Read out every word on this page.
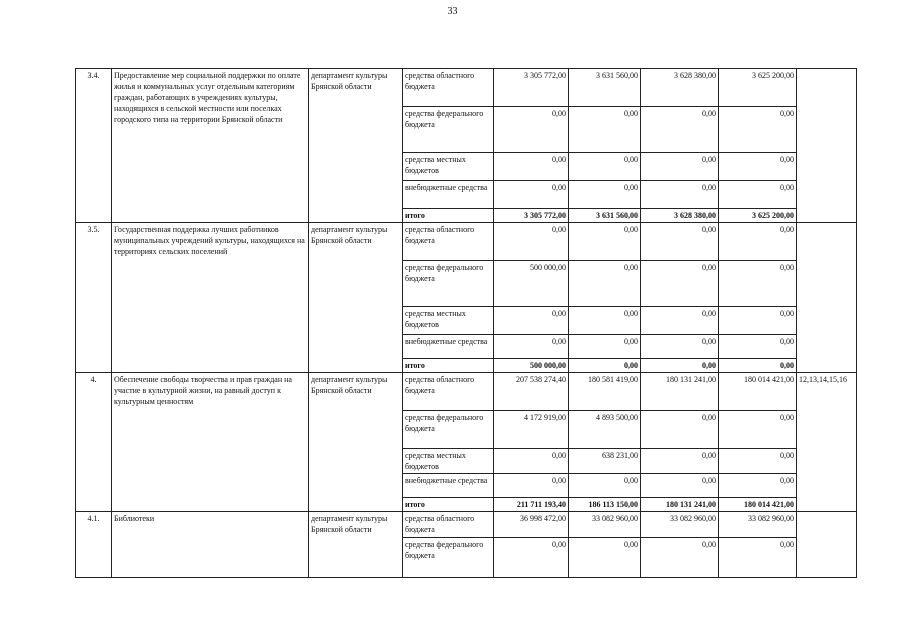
33
3.4.	Предоставление мер социальной поддержки по оплате жилья и коммунальных услуг отдельным категориям граждан, работающих в учреждениях культуры, находящихся в сельской местности или поселках городского типа на территории Брянской области	департамент культуры Брянской области	средства областного бюджета	3 305 772,00	3 631 560,00	3 628 380,00	3 625 200,00	
			средства федерального бюджета	0,00	0,00	0,00	0,00	
			средства местных бюджетов	0,00	0,00	0,00	0,00	
			внебюджетные средства	0,00	0,00	0,00	0,00	
			итого	3 305 772,00	3 631 560,00	3 628 380,00	3 625 200,00	
3.5.	Государственная поддержка лучших работников муниципальных учреждений культуры, находящихся на территориях сельских поселений	департамент культуры Брянской области	средства областного бюджета	0,00	0,00	0,00	0,00	
			средства федерального бюджета	500 000,00	0,00	0,00	0,00	
			средства местных бюджетов	0,00	0,00	0,00	0,00	
			внебюджетные средства	0,00	0,00	0,00	0,00	
			итого	500 000,00	0,00	0,00	0,00	
4.	Обеспечение свободы творчества и прав граждан на участие в культурной жизни, на равный доступ к культурным ценностям	департамент культуры Брянской области	средства областного бюджета	207 538 274,40	180 581 419,00	180 131 241,00	180 014 421,00	12,13,14,15,16
			средства федерального бюджета	4 172 919,00	4 893 500,00	0,00	0,00	
			средства местных бюджетов	0,00	638 231,00	0,00	0,00	
			внебюджетные средства	0,00	0,00	0,00	0,00	
			итого	211 711 193,40	186 113 150,00	180 131 241,00	180 014 421,00	
4.1.	Библиотеки	департамент культуры Брянской области	средства областного бюджета	36 998 472,00	33 082 960,00	33 082 960,00	33 082 960,00	
			средства федерального бюджета	0,00	0,00	0,00	0,00	
